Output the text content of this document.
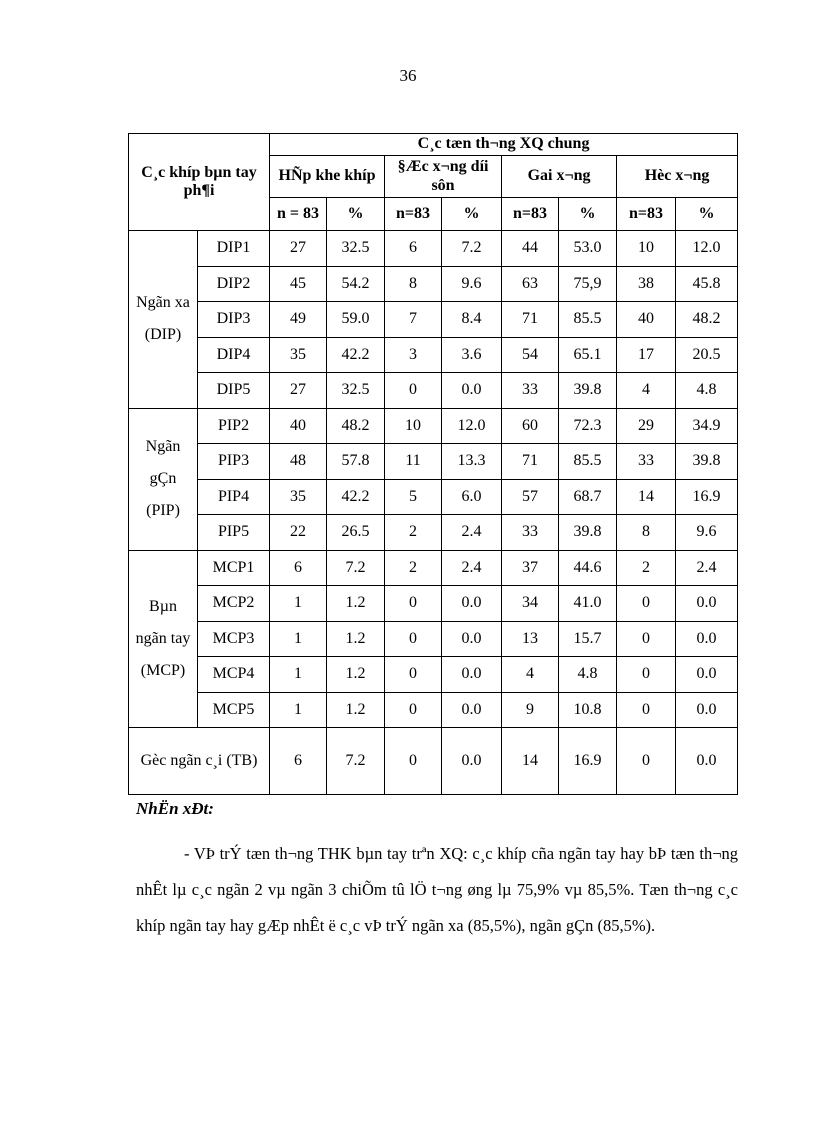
36
C¸c khíp bµn tay ph¶i		C¸c tæn th¬ng XQ chung							
		HÑp khe khíp		§Æc x¬ng díi sôn		Gai x¬ng		Hèc x¬ng	
		n = 83	%	n=83	%	n=83	%	n=83	%
Ngãn xa (DIP)	DIP1	27	32.5	6	7.2	44	53.0	10	12.0
	DIP2	45	54.2	8	9.6	63	75,9	38	45.8
	DIP3	49	59.0	7	8.4	71	85.5	40	48.2
	DIP4	35	42.2	3	3.6	54	65.1	17	20.5
	DIP5	27	32.5	0	0.0	33	39.8	4	4.8
Ngãn gÇn (PIP)	PIP2	40	48.2	10	12.0	60	72.3	29	34.9
	PIP3	48	57.8	11	13.3	71	85.5	33	39.8
	PIP4	35	42.2	5	6.0	57	68.7	14	16.9
	PIP5	22	26.5	2	2.4	33	39.8	8	9.6
Bµn ngãn tay (MCP)	MCP1	6	7.2	2	2.4	37	44.6	2	2.4
	MCP2	1	1.2	0	0.0	34	41.0	0	0.0
	MCP3	1	1.2	0	0.0	13	15.7	0	0.0
	MCP4	1	1.2	0	0.0	4	4.8	0	0.0
	MCP5	1	1.2	0	0.0	9	10.8	0	0.0
Gèc ngãn c¸i (TB)		6	7.2	0	0.0	14	16.9	0	0.0
NhËn xÐt:

- VÞ trÝ tæn th¬ng THK bµn tay trªn XQ: c¸c khíp cña ngãn tay hay bÞ tæn th¬ng nhÊt lµ c¸c ngãn 2 vµ ngãn 3 chiÕm tû lÖ t¬ng øng lµ 75,9% vµ 85,5%. Tæn th¬ng c¸c khíp ngãn tay hay gÆp nhÊt ë c¸c vÞ trÝ ngãn xa (85,5%), ngãn gÇn (85,5%).
